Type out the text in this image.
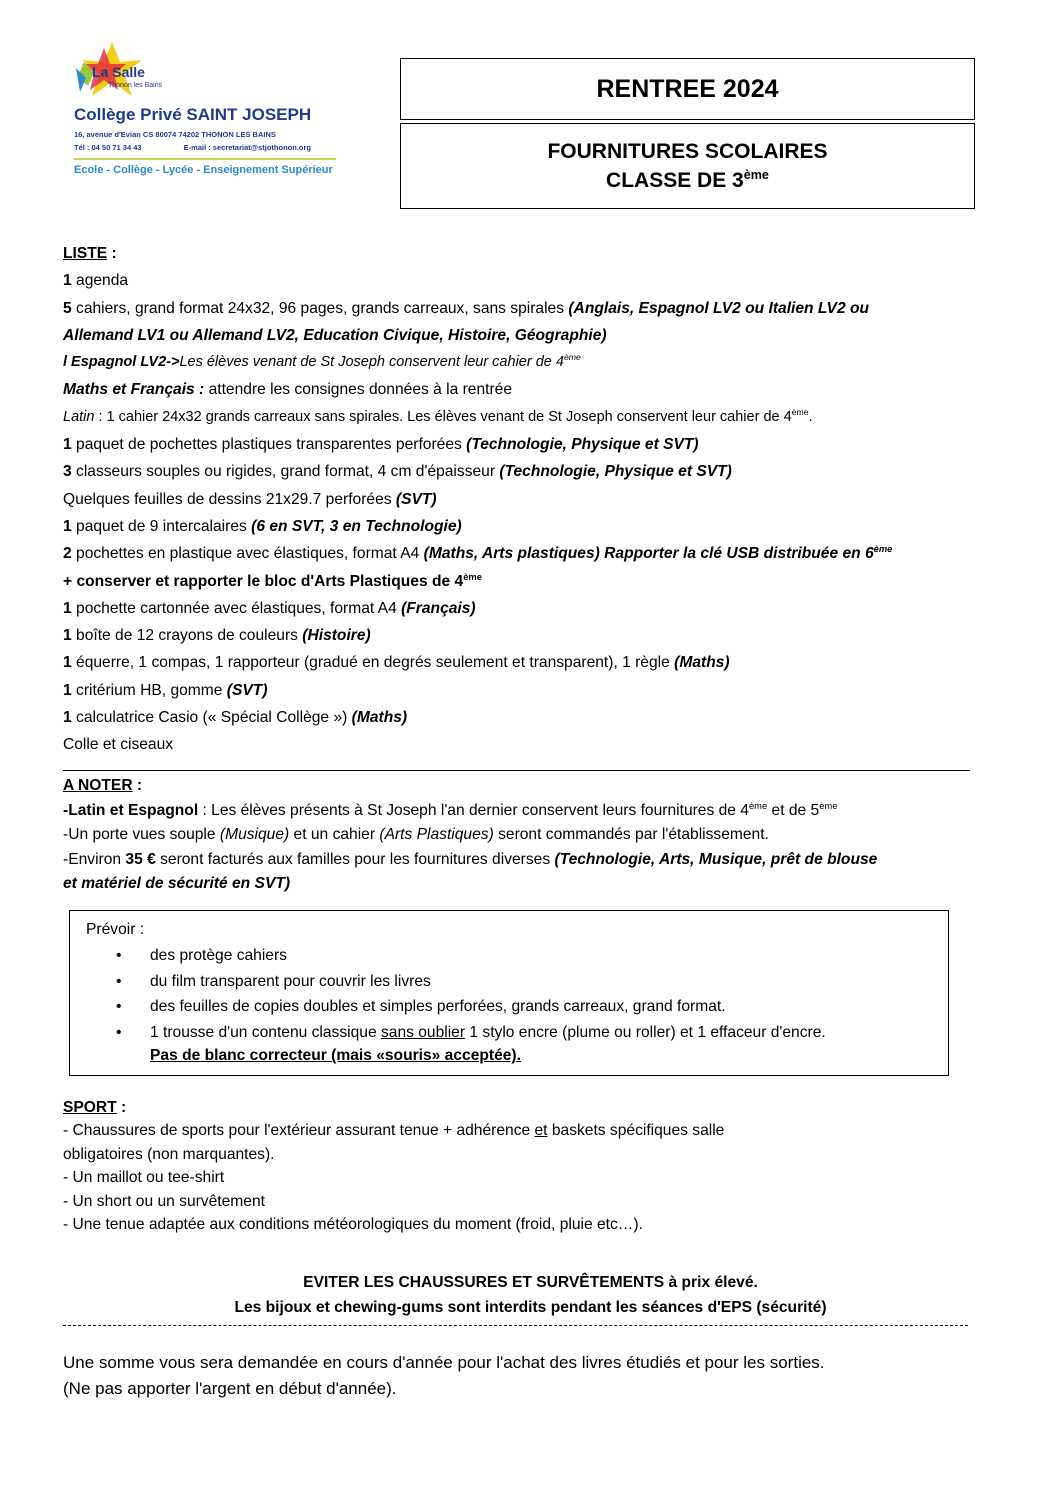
La Salle
Thonon les Bains
Collège Privé SAINT JOSEPH
16, avenue d'Evian CS 80074 74202 THONON LES BAINS
Tél : 04 50 71 34 43	E-mail : secretariat@stjothonon.org
Ecole - Collège - Lycée - Enseignement Supérieur
RENTREE 2024
FOURNITURES SCOLAIRES
CLASSE DE 3ème
LISTE :
1 agenda
5 cahiers, grand format 24x32, 96 pages, grands carreaux, sans spirales (Anglais, Espagnol LV2 ou Italien LV2 ou
Allemand LV1 ou Allemand LV2, Education Civique, Histoire, Géographie)
l Espagnol LV2->Les élèves venant de St Joseph conservent leur cahier de 4ème
Maths et Français : attendre les consignes données à la rentrée
Latin : 1 cahier 24x32 grands carreaux sans spirales. Les élèves venant de St Joseph conservent leur cahier de 4ème.
1 paquet de pochettes plastiques transparentes perforées (Technologie, Physique et SVT)
3 classeurs souples ou rigides, grand format, 4 cm d'épaisseur (Technologie, Physique et SVT)
Quelques feuilles de dessins 21x29.7 perforées (SVT)
1 paquet de 9 intercalaires (6 en SVT, 3 en Technologie)
2 pochettes en plastique avec élastiques, format A4 (Maths, Arts plastiques) Rapporter la clé USB distribuée en 6ème
+ conserver et rapporter le bloc d'Arts Plastiques de 4ème
1 pochette cartonnée avec élastiques, format A4 (Français)
1 boîte de 12 crayons de couleurs (Histoire)
1 équerre, 1 compas, 1 rapporteur (gradué en degrés seulement et transparent), 1 règle (Maths)
1 critérium HB, gomme (SVT)
1 calculatrice Casio (« Spécial Collège ») (Maths)
Colle et ciseaux
A NOTER :
-Latin et Espagnol : Les élèves présents à St Joseph l'an dernier conservent leurs fournitures de 4ème et de 5ème
-Un porte vues souple (Musique) et un cahier (Arts Plastiques) seront commandés par l'établissement.
-Environ 35 € seront facturés aux familles pour les fournitures diverses (Technologie, Arts, Musique, prêt de blouse
et matériel de sécurité en SVT)
Prévoir :
• des protège cahiers
• du film transparent pour couvrir les livres
• des feuilles de copies doubles et simples perforées, grands carreaux, grand format.
• 1 trousse d'un contenu classique sans oublier 1 stylo encre (plume ou roller) et 1 effaceur d'encre.
Pas de blanc correcteur (mais «souris» acceptée).
SPORT :
- Chaussures de sports pour l'extérieur assurant tenue + adhérence et baskets spécifiques salle
obligatoires (non marquantes).
- Un maillot ou tee-shirt
- Un short ou un survêtement
- Une tenue adaptée aux conditions météorologiques du moment (froid, pluie etc…).
EVITER LES CHAUSSURES ET SURVÊTEMENTS à prix élevé.
Les bijoux et chewing-gums sont interdits pendant les séances d'EPS (sécurité)
Une somme vous sera demandée en cours d'année pour l'achat des livres étudiés et pour les sorties.
(Ne pas apporter l'argent en début d'année).
